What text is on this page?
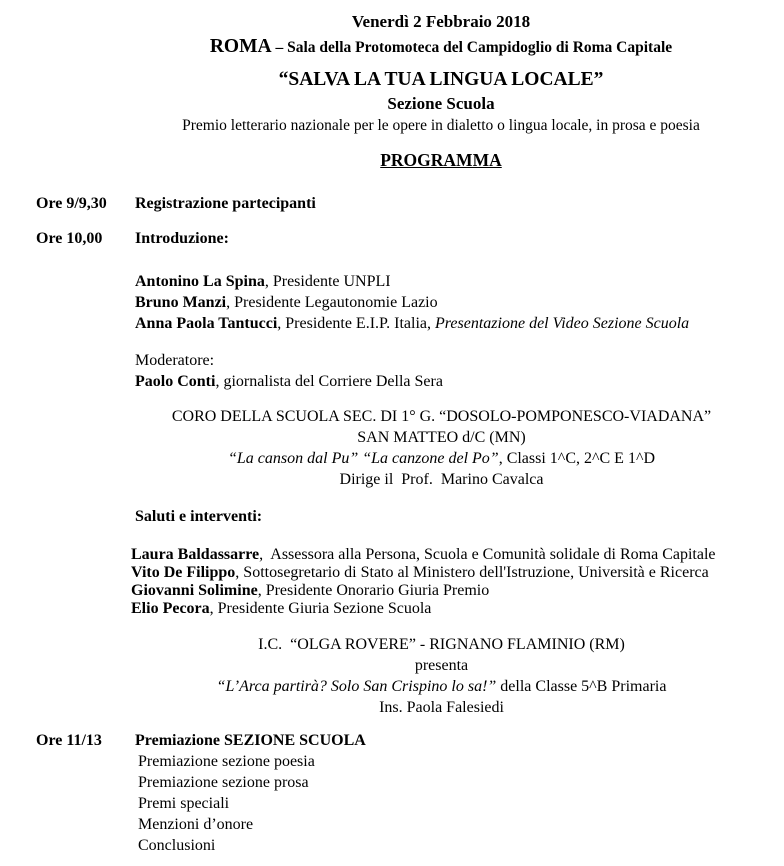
Venerdì 2 Febbraio 2018
ROMA – Sala della Protomoteca del Campidoglio di Roma Capitale
“SALVA LA TUA LINGUA LOCALE”
Sezione Scuola
Premio letterario nazionale per le opere in dialetto o lingua locale, in prosa e poesia
PROGRAMMA
Ore 9/9,30	Registrazione partecipanti
Ore 10,00	Introduzione:
Antonino La Spina, Presidente UNPLI
Bruno Manzi, Presidente Legautonomie Lazio
Anna Paola Tantucci, Presidente E.I.P. Italia, Presentazione del Video Sezione Scuola
Moderatore:
Paolo Conti, giornalista del Corriere Della Sera
CORO DELLA SCUOLA SEC. DI 1° G. “DOSOLO-POMPONESCO-VIADANA”
SAN MATTEO d/C (MN)
“La canson dal Pu” “La canzone del Po”, Classi 1^C, 2^C E 1^D
Dirige il  Prof.  Marino Cavalca
Saluti e interventi:
Laura Baldassarre,  Assessora alla Persona, Scuola e Comunità solidale di Roma Capitale
Vito De Filippo, Sottosegretario di Stato al Ministero dell'Istruzione, Università e Ricerca
Giovanni Solimine, Presidente Onorario Giuria Premio
Elio Pecora, Presidente Giuria Sezione Scuola
I.C.  “OLGA ROVERE” - RIGNANO FLAMINIO (RM)
presenta
“L’Arca partirà? Solo San Crispino lo sa!” della Classe 5^B Primaria
Ins. Paola Falesiedi
Ore 11/13	Premiazione SEZIONE SCUOLA
Premiazione sezione poesia
Premiazione sezione prosa
Premi speciali
Menzioni d’onore
Conclusioni
